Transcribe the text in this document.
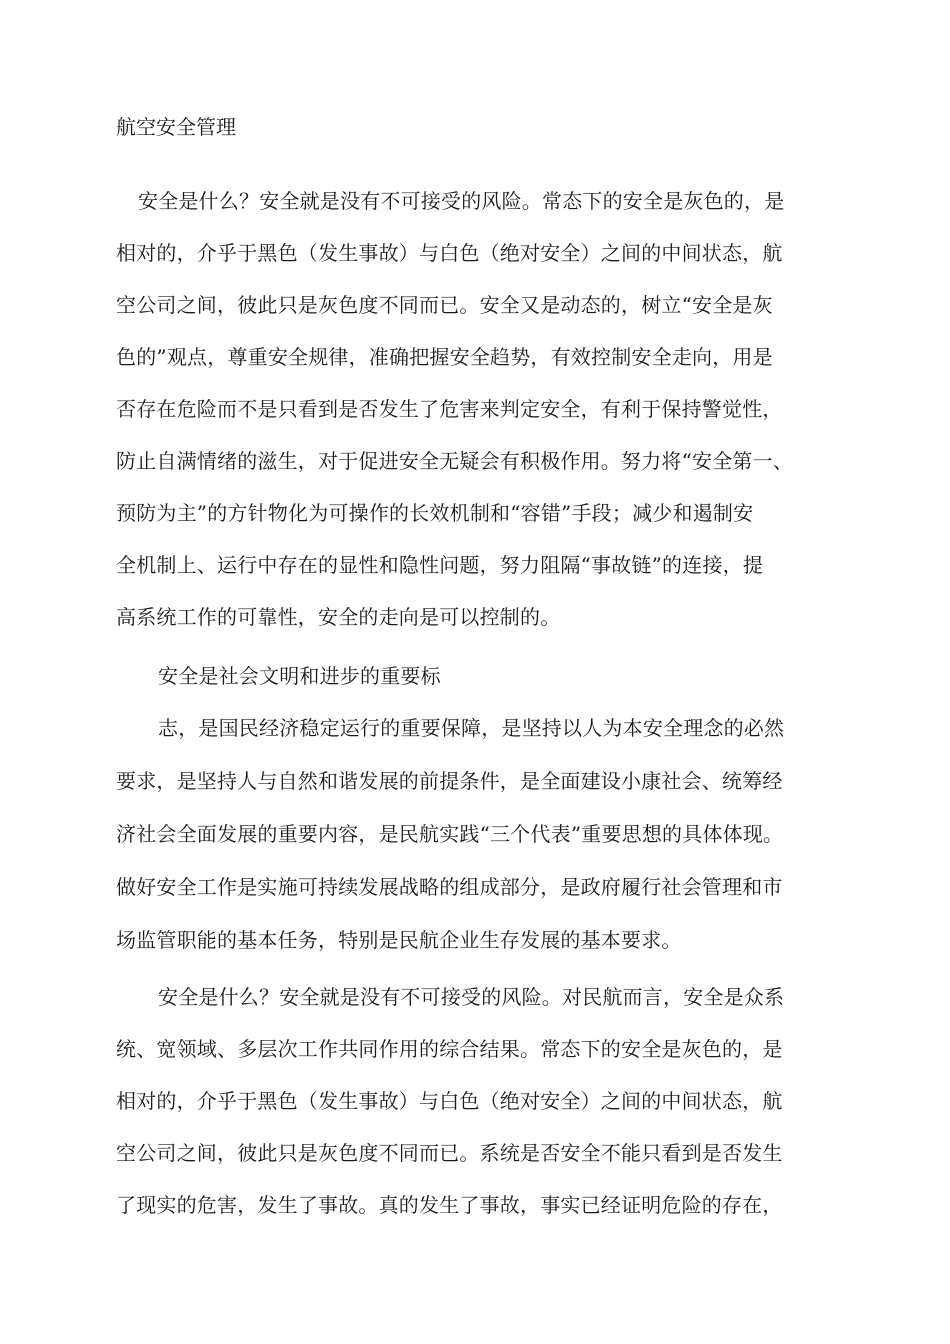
航空安全管理
安全是什么？安全就是没有不可接受的风险。常态下的安全是灰色的，是
相对的，介乎于黑色（发生事故）与白色（绝对安全）之间的中间状态，航
空公司之间，彼此只是灰色度不同而已。安全又是动态的，树立“安全是灰
色的”观点，尊重安全规律，准确把握安全趋势，有效控制安全走向，用是
否存在危险而不是只看到是否发生了危害来判定安全，有利于保持警觉性，
防止自满情绪的滋生，对于促进安全无疑会有积极作用。努力将“安全第一、
预防为主”的方针物化为可操作的长效机制和“容错”手段；减少和遏制安
全机制上、运行中存在的显性和隐性问题，努力阻隔“事故链”的连接，提
高系统工作的可靠性，安全的走向是可以控制的。
安全是社会文明和进步的重要标
志，是国民经济稳定运行的重要保障，是坚持以人为本安全理念的必然
要求，是坚持人与自然和谐发展的前提条件，是全面建设小康社会、统筹经
济社会全面发展的重要内容，是民航实践“三个代表”重要思想的具体体现。
做好安全工作是实施可持续发展战略的组成部分，是政府履行社会管理和市
场监管职能的基本任务，特别是民航企业生存发展的基本要求。
安全是什么？安全就是没有不可接受的风险。对民航而言，安全是众系
统、宽领域、多层次工作共同作用的综合结果。常态下的安全是灰色的，是
相对的，介乎于黑色（发生事故）与白色（绝对安全）之间的中间状态，航
空公司之间，彼此只是灰色度不同而已。系统是否安全不能只看到是否发生
了现实的危害，发生了事故。真的发生了事故，事实已经证明危险的存在，
